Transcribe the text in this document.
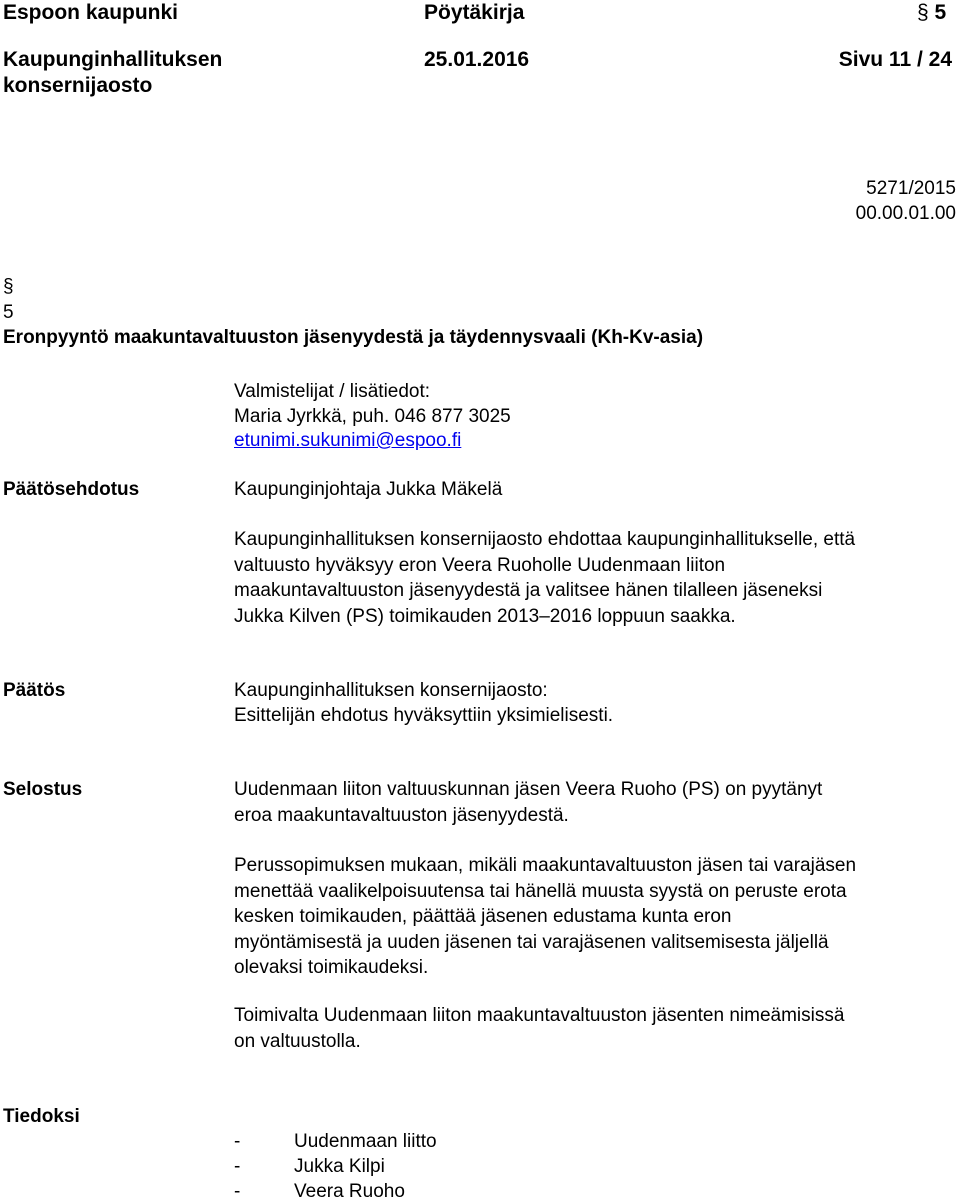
Espoon kaupunki	Pöytäkirja	§ 5
Kaupunginhallituksen
konsernijaosto
25.01.2016	Sivu 11 / 24
5271/2015
00.00.01.00
§
5
Eronpyyntö maakuntavaltuuston jäsenyydestä ja täydennysvaali (Kh-Kv-asia)
Valmistelijat / lisätiedot:
Maria Jyrkkä, puh. 046 877 3025
etunimi.sukunimi@espoo.fi
Päätösehdotus	Kaupunginjohtaja Jukka Mäkelä
Kaupunginhallituksen konsernijaosto ehdottaa kaupunginhallitukselle, että
valtuusto hyväksyy eron Veera Ruoholle Uudenmaan liiton
maakuntavaltuuston jäsenyydestä ja valitsee hänen tilalleen jäseneksi
Jukka Kilven (PS) toimikauden 2013–2016 loppuun saakka.
Päätös	Kaupunginhallituksen konsernijaosto:
Esittelijän ehdotus hyväksyttiin yksimielisesti.
Selostus	Uudenmaan liiton valtuuskunnan jäsen Veera Ruoho (PS) on pyytänyt
eroa maakuntavaltuuston jäsenyydestä.
Perussopimuksen mukaan, mikäli maakuntavaltuuston jäsen tai varajäsen
menettää vaalikelpoisuutensa tai hänellä muusta syystä on peruste erota
kesken toimikauden, päättää jäsenen edustama kunta eron
myöntämisestä ja uuden jäsenen tai varajäsenen valitsemisesta jäljellä
olevaksi toimikaudeksi.
Toimivalta Uudenmaan liiton maakuntavaltuuston jäsenten nimeämisissä
on valtuustolla.
Tiedoksi
-	Uudenmaan liitto
-	Jukka Kilpi
-	Veera Ruoho
